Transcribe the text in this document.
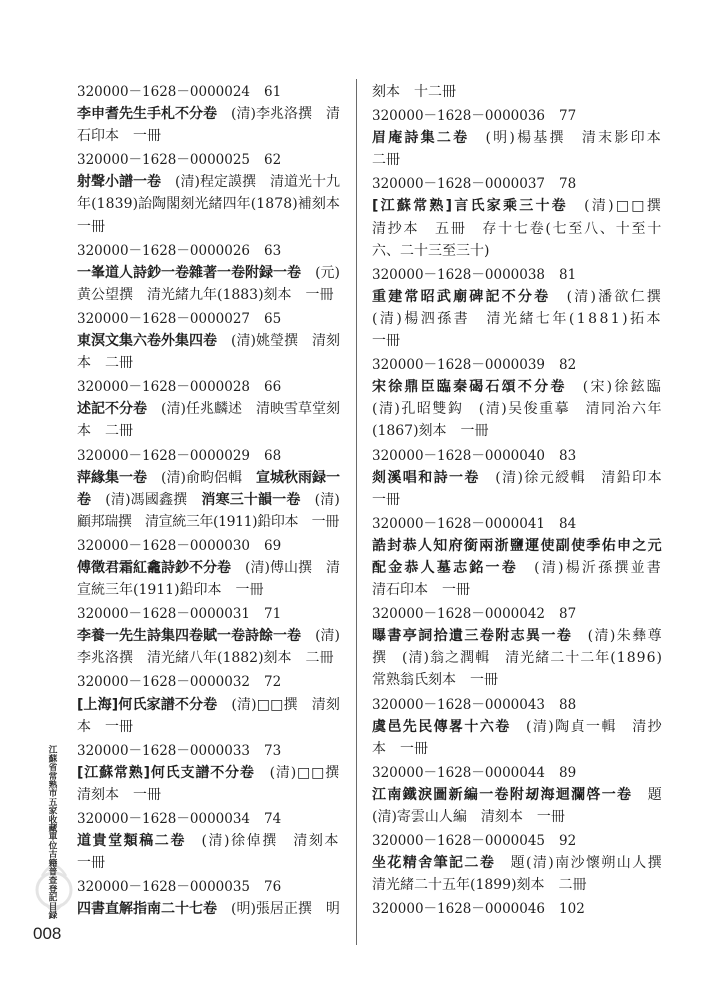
320000－1628－0000024 61
李申耆先生手札不分卷　(清)李兆洛撰　清
石印本　一冊
320000－1628－0000025 62
射聲小譜一卷　(清)程定謨撰　清道光十九
年(1839)詒陶閣刻光緒四年(1878)補刻本
一冊
320000－1628－0000026 63
一峯道人詩鈔一卷雜著一卷附録一卷　(元)
黄公望撰　清光緒九年(1883)刻本　一冊
320000－1628－0000027 65
東溟文集六卷外集四卷　(清)姚瑩撰　清刻
本　二冊
320000－1628－0000028 66
述記不分卷　(清)任兆麟述　清映雪草堂刻
本　二冊
320000－1628－0000029 68
萍緣集一卷　(清)俞畇侶輯　宣城秋雨録一
卷　(清)馮國鑫撰　消寒三十韻一卷　(清)
顧邦瑞撰　清宣統三年(1911)鉛印本　一冊
320000－1628－0000030 69
傅徵君霜紅龕詩鈔不分卷　(清)傅山撰　清
宣統三年(1911)鉛印本　一冊
320000－1628－0000031 71
李養一先生詩集四卷賦一卷詩餘一卷　(清)
李兆洛撰　清光緒八年(1882)刻本　二冊
320000－1628－0000032 72
[上海]何氏家譜不分卷　(清)□□撰　清刻
本　一冊
320000－1628－0000033 73
[江蘇常熟]何氏支譜不分卷　(清)□□撰
清刻本　一冊
320000－1628－0000034 74
道貴堂類稿二卷　(清)徐倬撰　清刻本
一冊
320000－1628－0000035 76
四書直解指南二十七卷　(明)張居正撰　明
刻本　十二冊
320000－1628－0000036 77
眉庵詩集二卷　(明)楊基撰　清末影印本
二冊
320000－1628－0000037 78
[江蘇常熟]言氏家乘三十卷　(清)□□撰
清抄本　五冊　存十七卷(七至八、十至十
六、二十三至三十)
320000－1628－0000038 81
重建常昭武廟碑記不分卷　(清)潘欲仁撰
(清)楊泗孫書　清光緒七年(1881)拓本
一冊
320000－1628－0000039 82
宋徐鼎臣臨秦碣石頌不分卷　(宋)徐鉉臨
(清)孔昭雙鈎　(清)吴俊重摹　清同治六年
(1867)刻本　一冊
320000－1628－0000040 83
剡溪唱和詩一卷　(清)徐元綬輯　清鉛印本
一冊
320000－1628－0000041 84
誥封恭人知府銜兩浙鹽運使副使季佑申之元
配金恭人墓志銘一卷　(清)楊沂孫撰並書
清石印本　一冊
320000－1628－0000042 87
曝書亭詞拾遺三卷附志異一卷　(清)朱彝尊
撰　(清)翁之潤輯　清光緒二十二年(1896)
常熟翁氏刻本　一冊
320000－1628－0000043 88
虞邑先民傳畧十六卷　(清)陶貞一輯　清抄
本　一冊
320000－1628－0000044 89
江南鐵淚圖新編一卷附刼海迴瀾啓一卷　題
(清)寄雲山人編　清刻本　一冊
320000－1628－0000045 92
坐花精舍筆記二卷　題(清)南沙懷朔山人撰
清光緒二十五年(1899)刻本　二冊
320000－1628－0000046 102
江蘇省常熟市五家收藏單位古籍普查登記目録
008
